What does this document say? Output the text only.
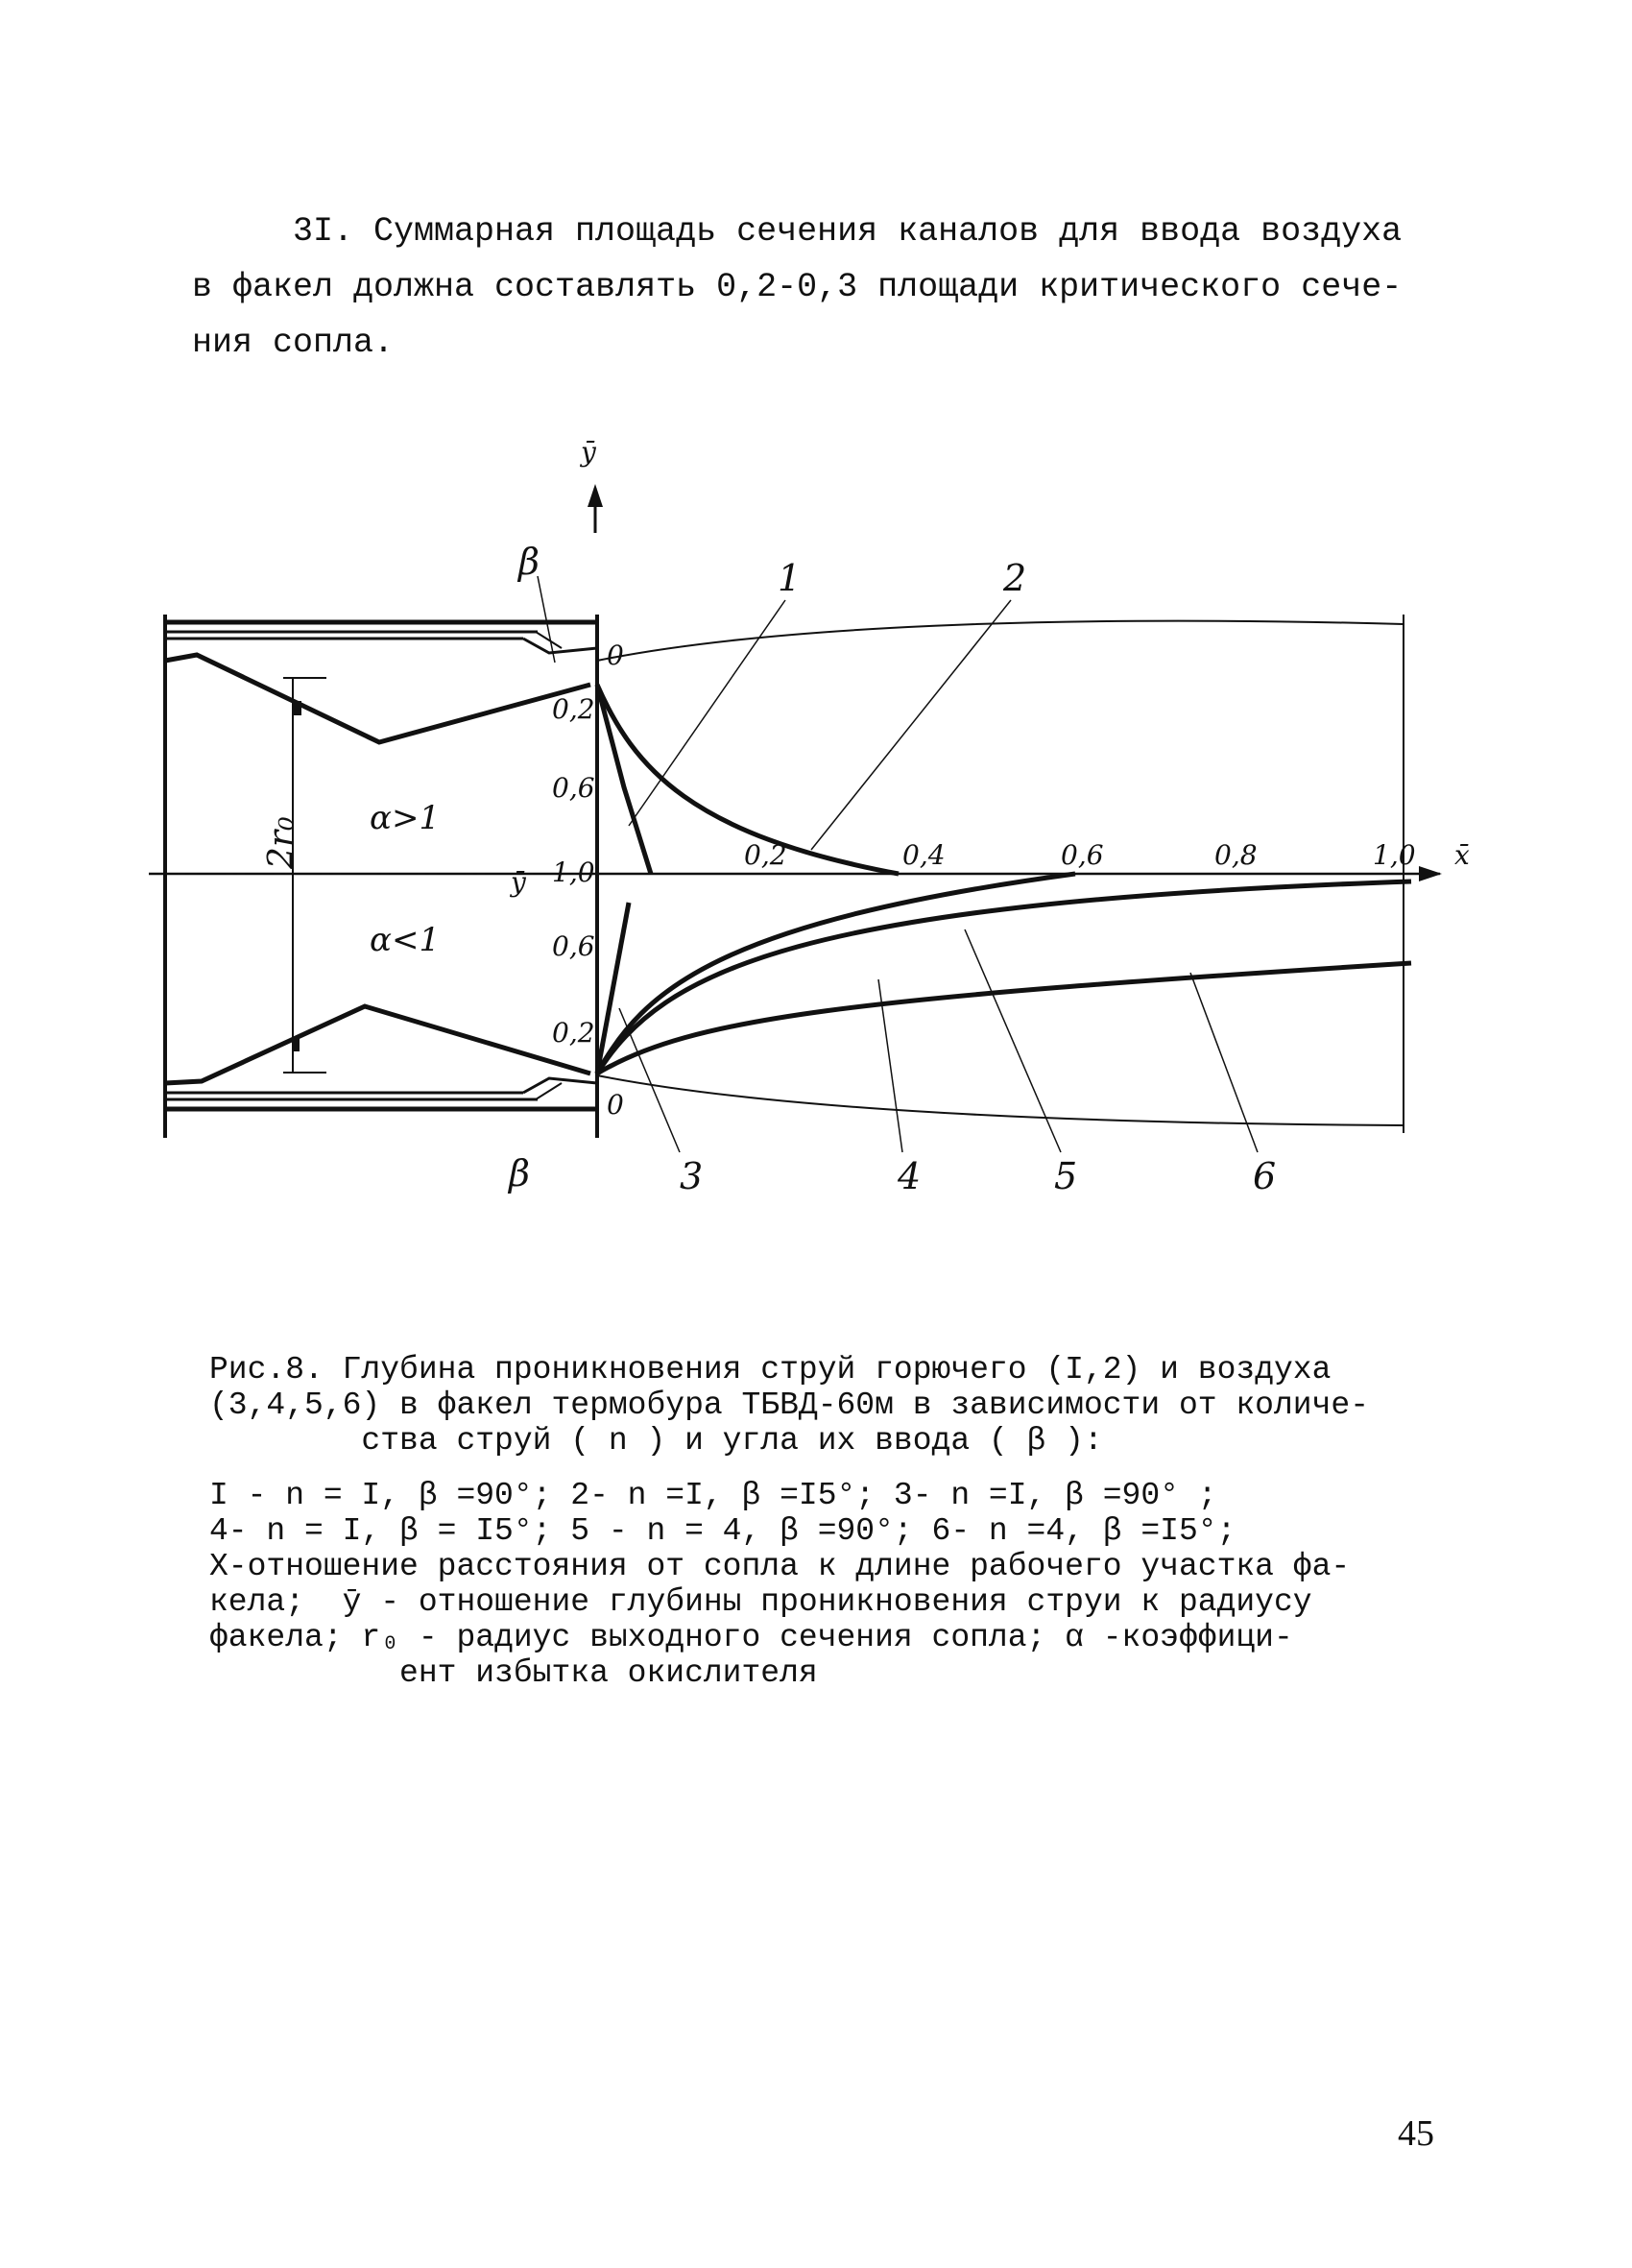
3I. Суммарная площадь сечения каналов для ввода воздуха
в факел должна составлять 0,2-0,3 площади критического сече-
ния сопла.
ȳ
2r₀	x̄
β
β
α>1
α<1
ȳ
0
0,2
0,6
1,0
0,6
0,2
0
0,2	0,4	0,6	0,8	1,0
1	2
3	4	5	6
Рис.8. Глубина проникновения струй горючего (I,2) и воздуха
(3,4,5,6) в факел термобура ТБВД-60м в зависимости от количе-
ства струй ( n ) и угла их ввода ( β ):
I - n = I, β =90°; 2- n =I, β =I5°; 3- n =I, β =90° ;
4- n = I, β = I5°; 5 - n = 4, β =90°; 6- n =4, β =I5°;
X-отношение расстояния от сопла к длине рабочего участка фа-
кела;  ȳ - отношение глубины проникновения струи к радиусу
факела; r₀ - радиус выходного сечения сопла; α -коэффици-
ент избытка окислителя
45
